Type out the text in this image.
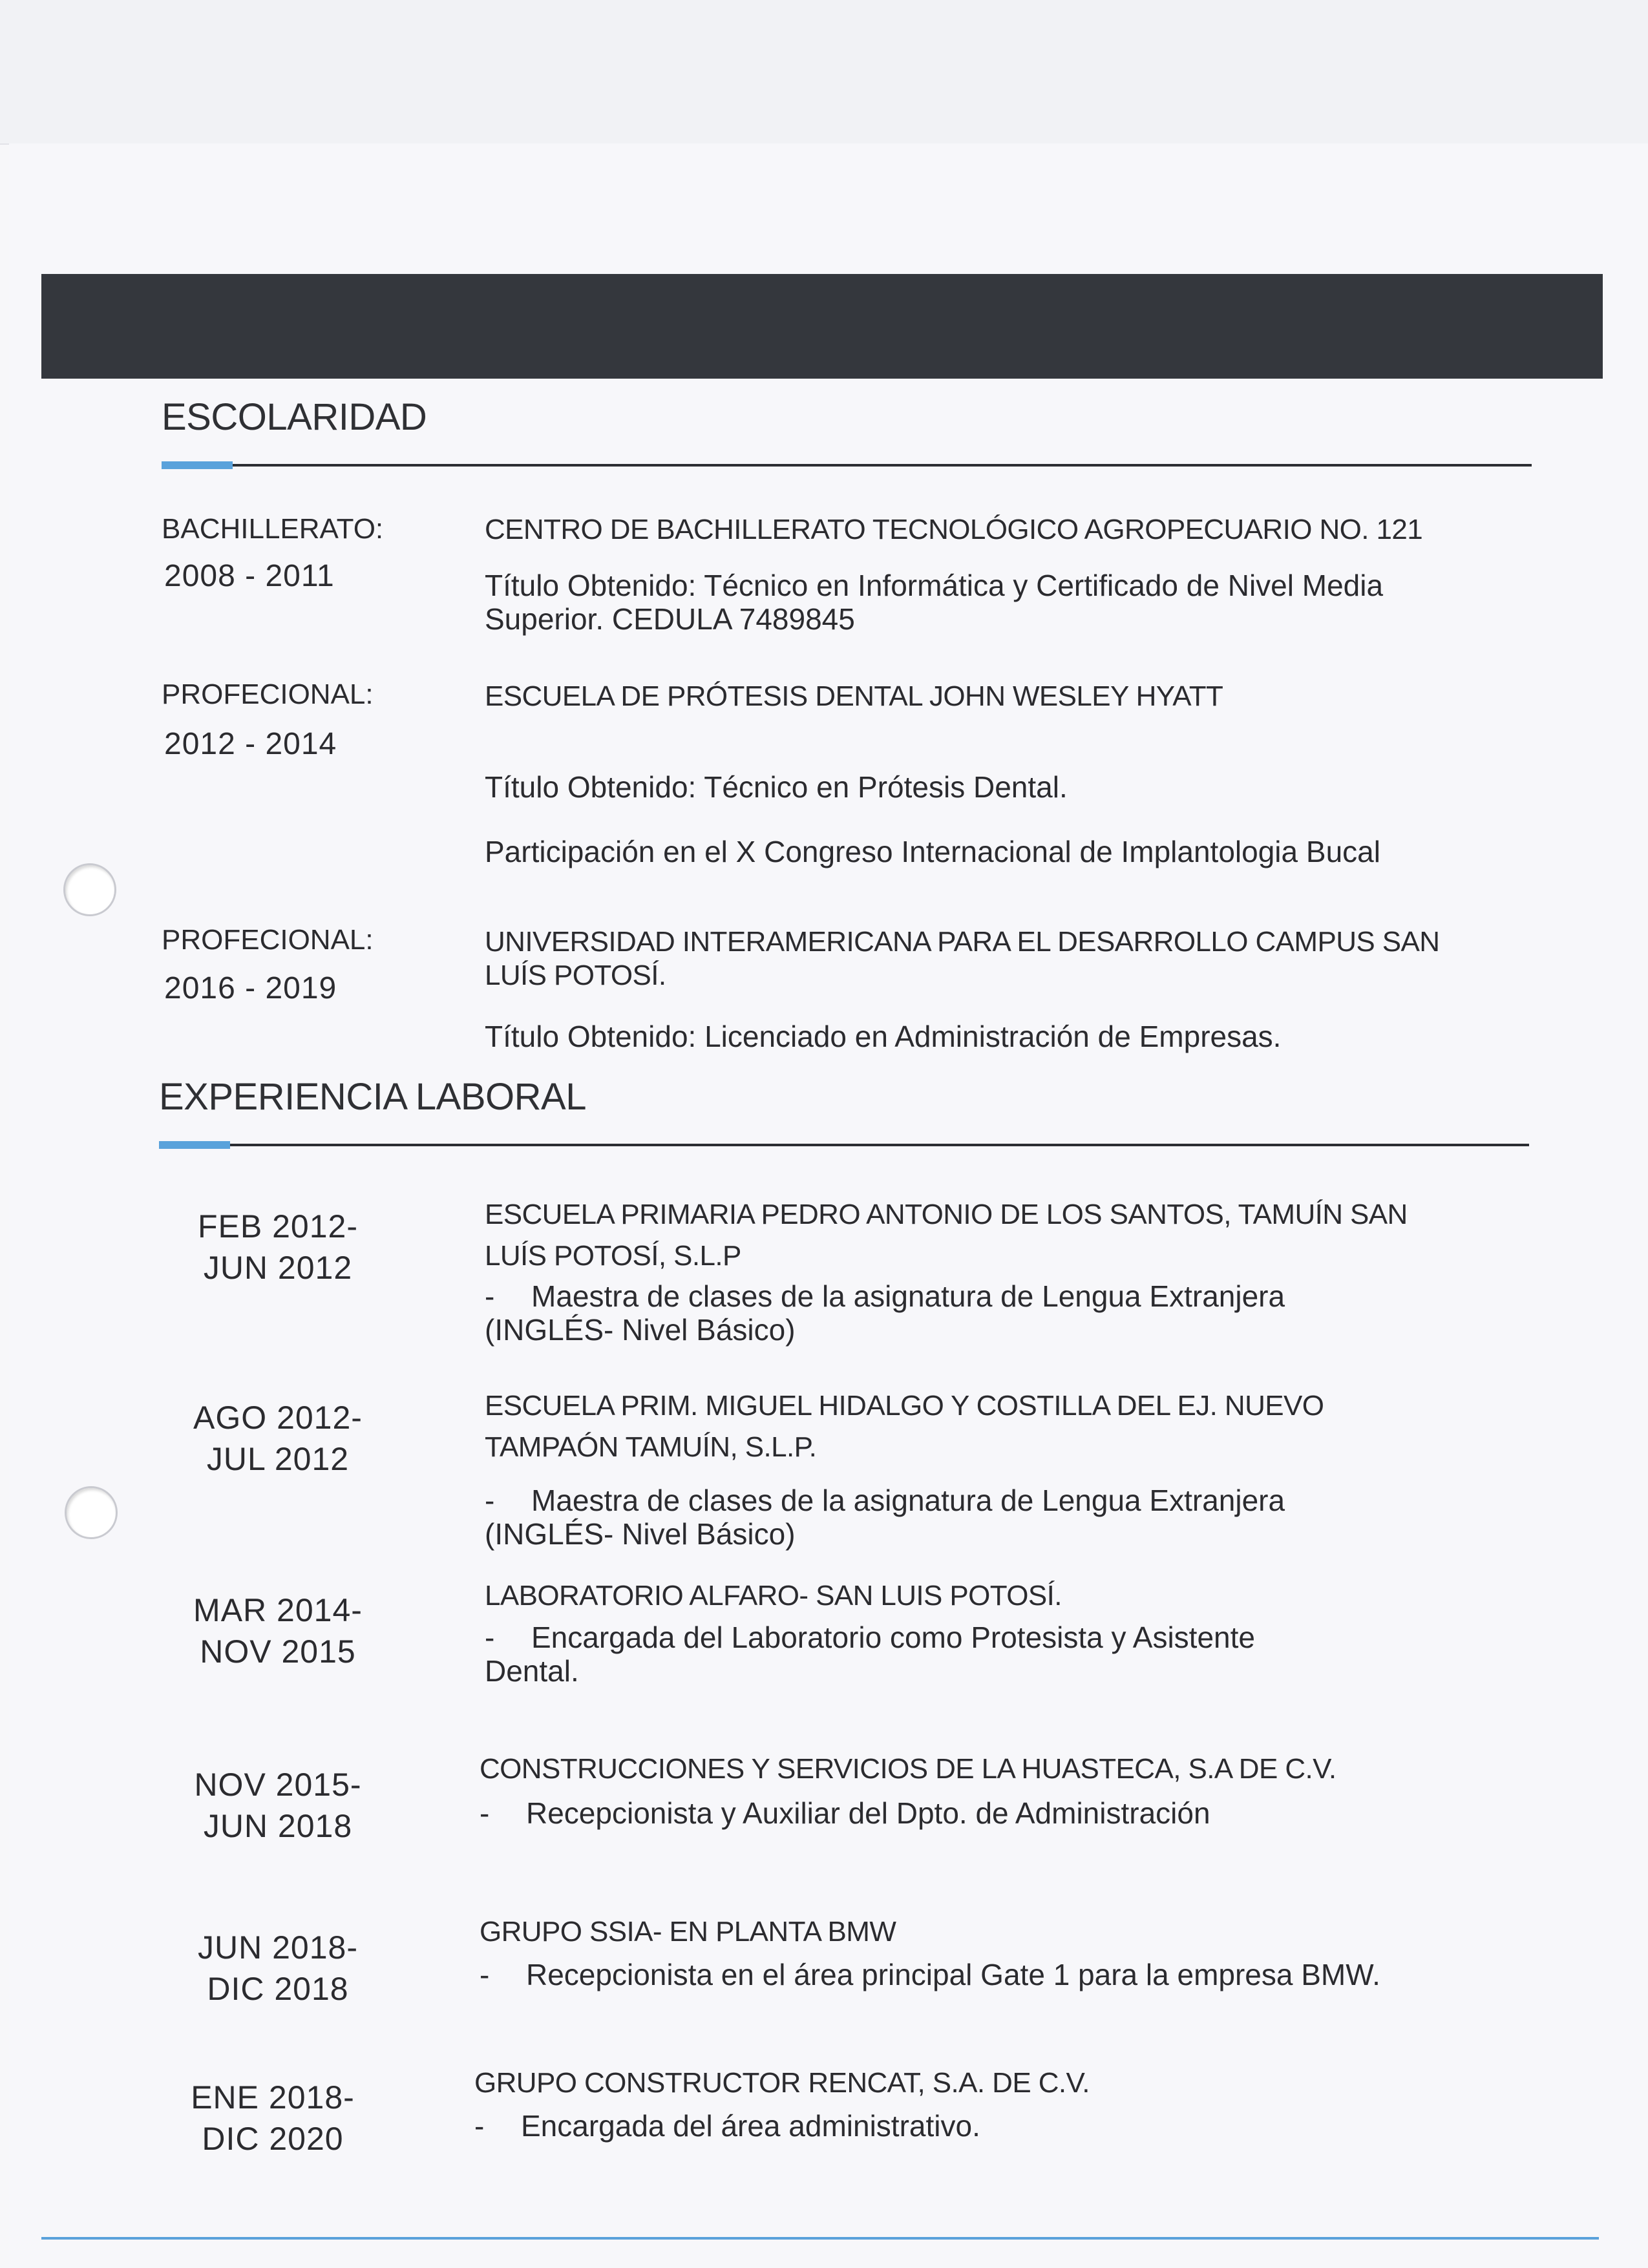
ESCOLARIDAD
BACHILLERATO:
2008 - 2011
CENTRO DE BACHILLERATO TECNOLÓGICO AGROPECUARIO NO. 121
Título Obtenido: Técnico en Informática y Certificado de Nivel Media Superior. CEDULA 7489845
PROFECIONAL:
2012 - 2014
ESCUELA DE PRÓTESIS DENTAL JOHN WESLEY HYATT
Título Obtenido: Técnico en Prótesis Dental.
Participación en el X Congreso Internacional de Implantologia Bucal
PROFECIONAL:
2016 - 2019
UNIVERSIDAD INTERAMERICANA PARA EL DESARROLLO CAMPUS SAN LUÍS POTOSÍ.
Título Obtenido: Licenciado en Administración de Empresas.
EXPERIENCIA LABORAL
FEB 2012-
JUN 2012
ESCUELA PRIMARIA PEDRO ANTONIO DE LOS SANTOS, TAMUÍN SAN LUÍS POTOSÍ, S.L.P
- Maestra de clases de la asignatura de Lengua Extranjera (INGLÉS- Nivel Básico)
AGO 2012-
JUL 2012
ESCUELA PRIM. MIGUEL HIDALGO Y COSTILLA DEL EJ. NUEVO TAMPAÓN TAMUÍN, S.L.P.
- Maestra de clases de la asignatura de Lengua Extranjera (INGLÉS- Nivel Básico)
MAR 2014-
NOV 2015
LABORATORIO ALFARO- SAN LUIS POTOSÍ.
- Encargada del Laboratorio como Protesista y Asistente Dental.
NOV 2015-
JUN 2018
CONSTRUCCIONES Y SERVICIOS DE LA HUASTECA, S.A DE C.V.
- Recepcionista y Auxiliar del Dpto. de Administración
JUN 2018-
DIC 2018
GRUPO SSIA- EN PLANTA BMW
- Recepcionista en el área principal Gate 1 para la empresa BMW.
ENE 2018-
DIC 2020
GRUPO CONSTRUCTOR RENCAT, S.A. DE C.V.
- Encargada del área administrativo.
